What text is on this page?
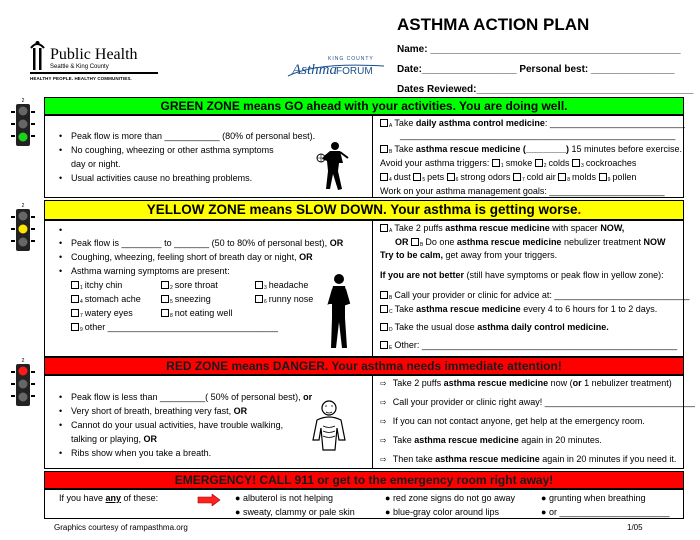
Public Health
Seattle & King County
HEALTHY PEOPLE. HEALTHY COMMUNITIES.
KING COUNTY
Asthma FORUM
ASTHMA ACTION PLAN
Name: _____________________________________________
Date:_________________ Personal best: _______________
Dates Reviewed:_______________________________________
2
2
2
GREEN ZONE means GO ahead with your activities. You are doing well.
• Peak flow is more than ___________ (80% of personal best).
• No coughing, wheezing or other asthma symptoms
day or night.
• Usual activities cause no breathing problems.
$_A$ Take daily asthma control medicine: ___________________________
_______________________________________________________
$_B$ Take asthma rescue medicine (________) 15 minutes before exercise.
Avoid your asthma triggers: $_1$ smoke $_2$ colds $_3$ cockroaches
$_4$ dust $_5$ pets $_6$ strong odors $_7$ cold air $_8$ molds $_9$ pollen
Work on your asthma management goals: _______________________
YELLOW ZONE means SLOW DOWN. Your asthma is getting worse.
•
• Peak flow is ________ to _______ (50 to 80% of personal best), OR
• Coughing, wheezing, feeling short of breath day or night, OR
• Asthma warning symptoms are present:
$_1$ itchy chin	$_2$ sore throat	$_3$ headache
$_4$ stomach ache	$_5$ sneezing	$_6$ runny nose
$_7$ watery eyes	$_8$ not eating well
$_9$ other __________________________________
$_A$ Take 2 puffs asthma rescue medicine with spacer NOW,
OR $_B$ Do one asthma rescue medicine nebulizer treatment NOW
Try to be calm, get away from your triggers.
If you are not better (still have symptoms or peak flow in yellow zone):
$_B$ Call your provider or clinic for advice at: ___________________________
$_C$ Take asthma rescue medicine every 4 to 6 hours for 1 to 2 days.
$_D$ Take the usual dose asthma daily control medicine.
$_E$ Other: ___________________________________________________
RED ZONE means DANGER. Your asthma needs immediate attention!
• Peak flow is less than _________( 50% of personal best), or
• Very short of breath, breathing very fast, OR
• Cannot do your usual activities, have trouble walking,
talking or playing, OR
• Ribs show when you take a breath.
⇨ Take 2 puffs asthma rescue medicine now (or 1 nebulizer treatment)
⇨ Call your provider or clinic right away! ______________________________
⇨ If you can not contact anyone, get help at the emergency room.
⇨ Take asthma rescue medicine again in 20 minutes.
⇨ Then take asthma rescue medicine again in 20 minutes if you need it.
EMERGENCY! CALL 911 or get to the emergency room right away!
If you have any of these:	● albuterol is not helping	● red zone signs do not go away	● grunting when breathing
● sweaty, clammy or pale skin	● blue-gray color around lips	● or ______________________
Graphics courtesy of rampasthma.org	1/05
